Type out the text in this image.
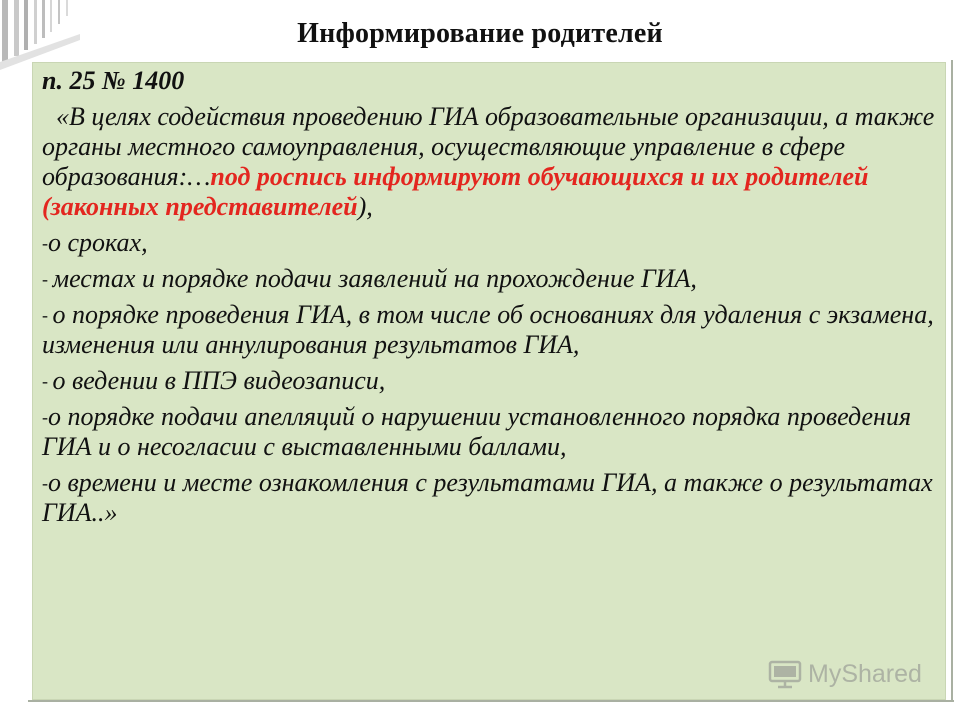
Информирование родителей

п. 25 № 1400

«В целях содействия проведению ГИА образовательные организации, а также органы местного самоуправления, осуществляющие управление в сфере образования:…под роспись информируют обучающихся и их родителей (законных представителей),

-о сроках,

- местах и порядке подачи заявлений на прохождение ГИА,

- о порядке проведения ГИА, в том числе об основаниях для удаления с экзамена, изменения или аннулирования результатов ГИА,

- о ведении в ППЭ видеозаписи,

-о порядке подачи апелляций о нарушении установленного порядка проведения ГИА и о несогласии с выставленными баллами,

-о времени и месте ознакомления с результатами ГИА, а также о результатах ГИА..»

MyShared
